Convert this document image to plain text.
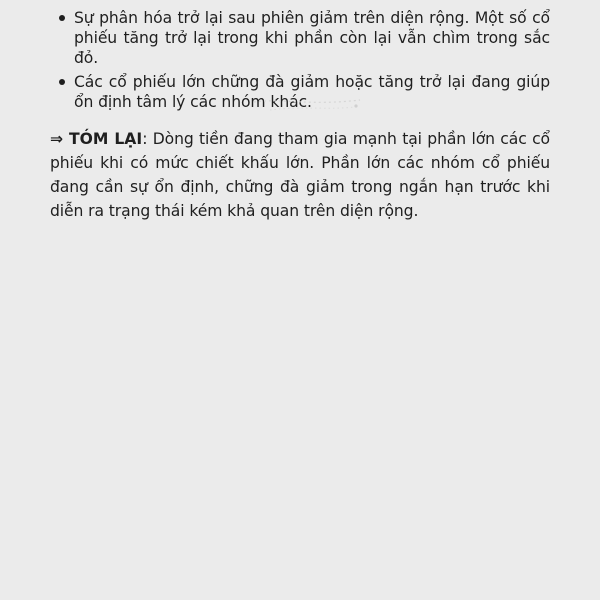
Sự phân hóa trở lại sau phiên giảm trên diện rộng. Một số cổ phiếu tăng trở lại trong khi phần còn lại vẫn chìm trong sắc đỏ.
Các cổ phiếu lớn chững đà giảm hoặc tăng trở lại đang giúp ổn định tâm lý các nhóm khác.

⇒ TÓM LẠI: Dòng tiền đang tham gia mạnh tại phần lớn các cổ phiếu khi có mức chiết khấu lớn. Phần lớn các nhóm cổ phiếu đang cần sự ổn định, chững đà giảm trong ngắn hạn trước khi diễn ra trạng thái kém khả quan trên diện rộng.
